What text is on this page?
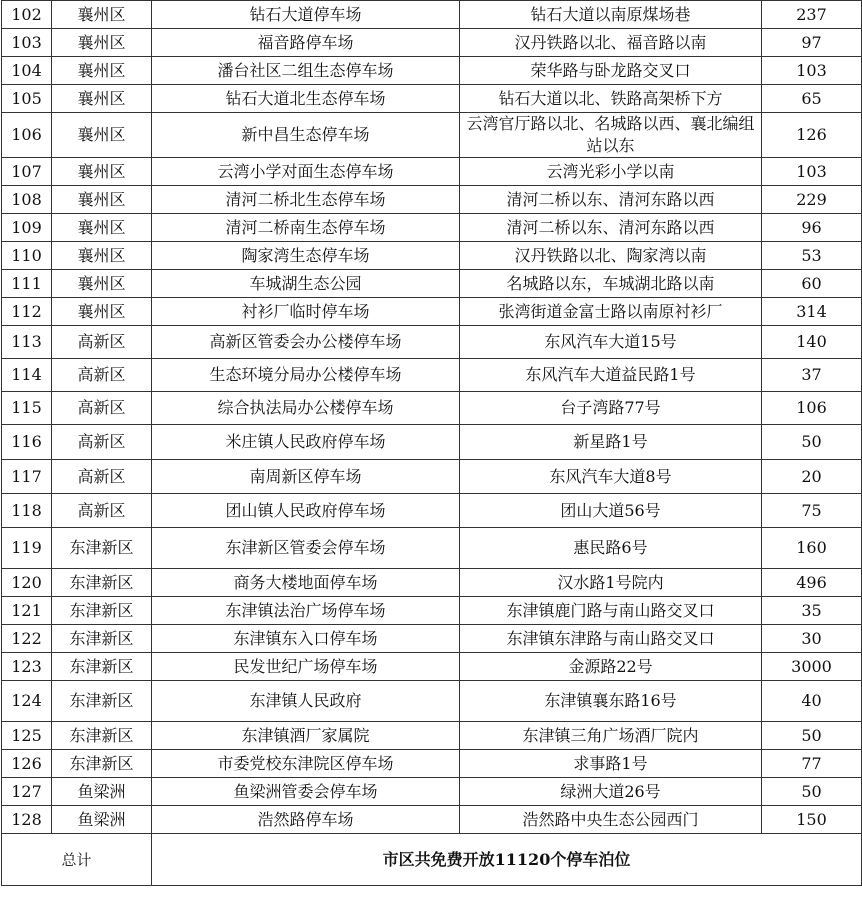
102	襄州区	钻石大道停车场	钻石大道以南原煤场巷	237
103	襄州区	福音路停车场	汉丹铁路以北、福音路以南	97
104	襄州区	潘台社区二组生态停车场	荣华路与卧龙路交叉口	103
105	襄州区	钻石大道北生态停车场	钻石大道以北、铁路高架桥下方	65
106	襄州区	新中昌生态停车场	云湾官厅路以北、名城路以西、襄北编组站以东	126
107	襄州区	云湾小学对面生态停车场	云湾光彩小学以南	103
108	襄州区	清河二桥北生态停车场	清河二桥以东、清河东路以西	229
109	襄州区	清河二桥南生态停车场	清河二桥以东、清河东路以西	96
110	襄州区	陶家湾生态停车场	汉丹铁路以北、陶家湾以南	53
111	襄州区	车城湖生态公园	名城路以东，车城湖北路以南	60
112	襄州区	衬衫厂临时停车场	张湾街道金富士路以南原衬衫厂	314
113	高新区	高新区管委会办公楼停车场	东风汽车大道15号	140
114	高新区	生态环境分局办公楼停车场	东风汽车大道益民路1号	37
115	高新区	综合执法局办公楼停车场	台子湾路77号	106
116	高新区	米庄镇人民政府停车场	新星路1号	50
117	高新区	南周新区停车场	东风汽车大道8号	20
118	高新区	团山镇人民政府停车场	团山大道56号	75
119	东津新区	东津新区管委会停车场	惠民路6号	160
120	东津新区	商务大楼地面停车场	汉水路1号院内	496
121	东津新区	东津镇法治广场停车场	东津镇鹿门路与南山路交叉口	35
122	东津新区	东津镇东入口停车场	东津镇东津路与南山路交叉口	30
123	东津新区	民发世纪广场停车场	金源路22号	3000
124	东津新区	东津镇人民政府	东津镇襄东路16号	40
125	东津新区	东津镇酒厂家属院	东津镇三角广场酒厂院内	50
126	东津新区	市委党校东津院区停车场	求事路1号	77
127	鱼梁洲	鱼梁洲管委会停车场	绿洲大道26号	50
128	鱼梁洲	浩然路停车场	浩然路中央生态公园西门	150
总计		市区共免费开放11120个停车泊位		
